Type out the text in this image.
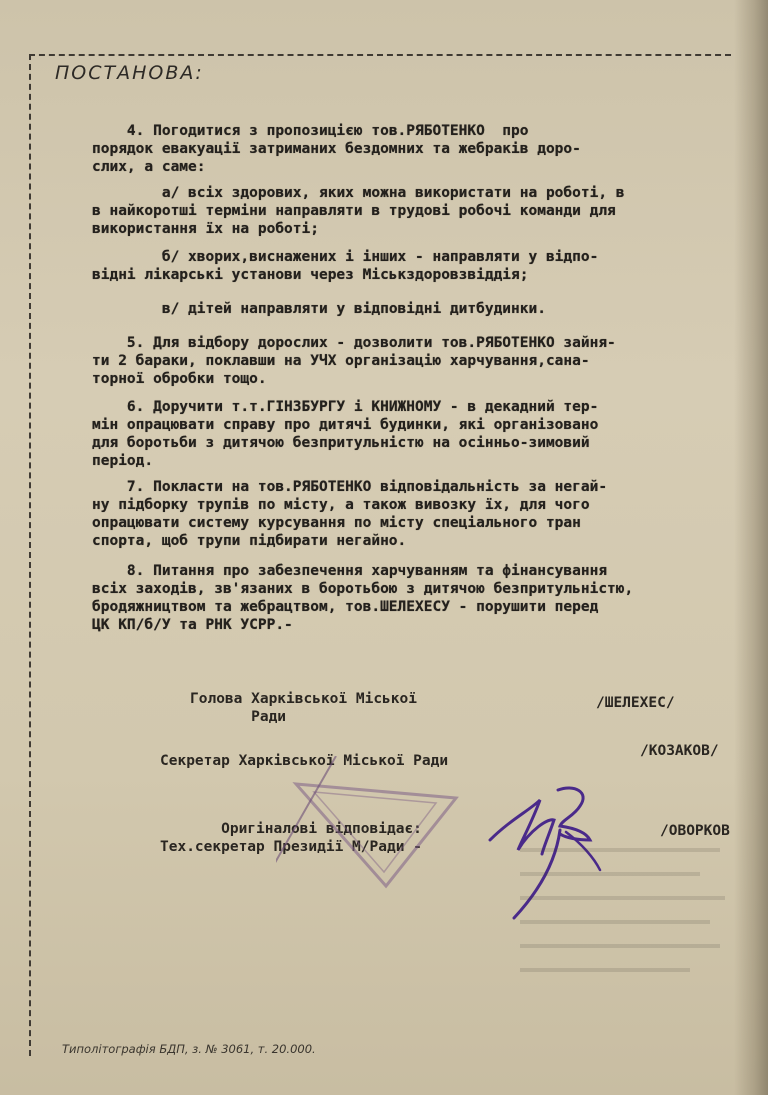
ПОСТАНОВА:
4. Погодитися з пропозицією тов.РЯБОТЕНКО  про
порядок евакуації затриманих бездомних та жебраків доро-
слих, а саме:
а/ всіх здорових, яких можна використати на роботі, в
в найкоротші терміни направляти в трудові робочі команди для
використання їх на роботі;
б/ хворих,виснажених і інших - направляти у відпо-
відні лікарські установи через Міськздоровзвіддія;
в/ дітей направляти у відповідні дитбудинки.
5. Для відбору дорослих - дозволити тов.РЯБОТЕНКО зайня-
ти 2 бараки, поклавши на УЧХ організацію харчування,сана-
торної обробки тощо.
6. Доручити т.т.ГІНЗБУРГУ і КНИЖНОМУ - в декадний тер-
мін опрацювати справу про дитячі будинки, які організовано
для боротьби з дитячою безпритульністю на осінньо-зимовий
період.
7. Покласти на тов.РЯБОТЕНКО відповідальність за негай-
ну підборку трупів по місту, а також вивозку їх, для чого
опрацювати систему курсування по місту спеціального тран
спорта, щоб трупи підбирати негайно.
8. Питання про забезпечення харчуванням та фінансування
всіх заходів, зв'язаних в боротьбою з дитячою безпритульністю,
бродяжництвом та жебрацтвом, тов.ШЕЛЕХЕСУ - порушити перед
ЦК КП/б/У та РНК УСРР.-
Голова Харківської Міської
Ради
/ШЕЛЕХЕС/
Секретар Харківської Міської Ради
/КОЗАКОВ/
Оригіналові відповідає:
Тех.секретар Президії М/Ради -
/ОВОРКОВ
Типолітографія БДП, з. № 3061, т. 20.000.
